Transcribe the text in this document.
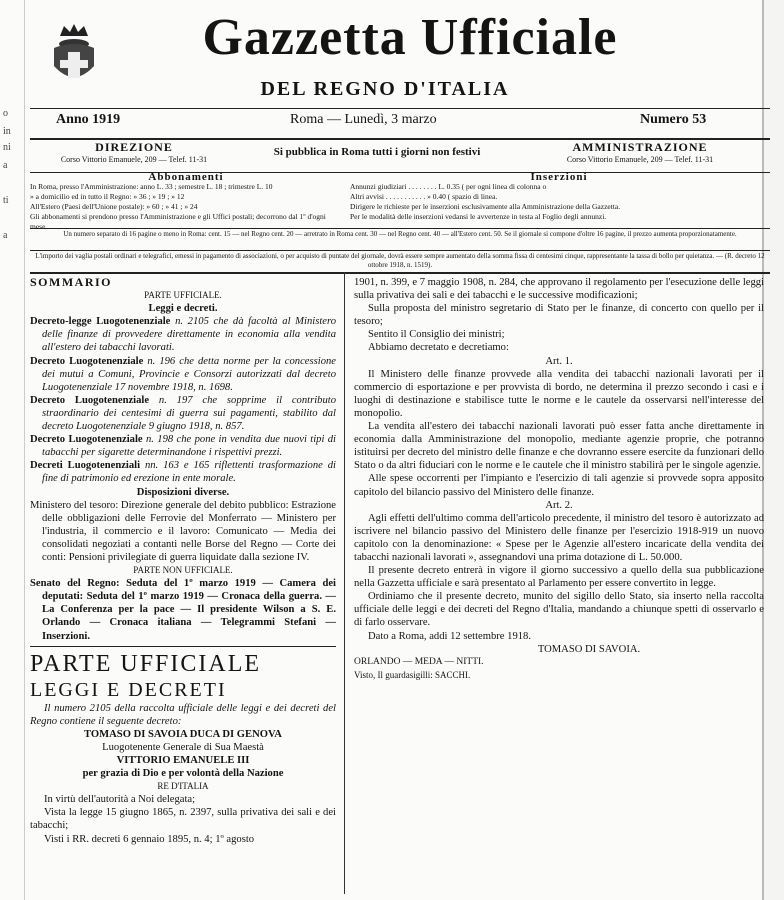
o
in
ni
a
ti
a
Gazzetta Ufficiale
DEL REGNO D'ITALIA
Anno 1919	Roma — Lunedì, 3 marzo	Numero 53
DIREZIONE
Corso Vittorio Emanuele, 209 — Telef. 11-31
Si pubblica in Roma tutti i giorni non festivi	AMMINISTRAZIONE
Corso Vittorio Emanuele, 209 — Telef. 11-31
Abbonamenti
In Roma, presso l'Amministrazione: anno L. 33 ; semestre L. 18 ; trimestre L. 10
» a domicilio ed in tutto il Regno: » 36 ; » 19 ; » 12
All'Estero (Paesi dell'Unione postale): » 60 ; » 41 ; » 24
Gli abbonamenti si prendono presso l'Amministrazione e gli Uffici postali; decorrono dal 1º d'ogni mese.
Inserzioni
Annunzi giudiziari . . . . . . . . L. 0.35 ( per ogni linea di colonna o
Altri avvisi . . . . . . . . . . . » 0.40 ( spazio di linea.
Dirigere le richieste per le inserzioni esclusivamente alla Amministrazione della Gazzetta.
Per le modalità delle inserzioni vedansi le avvertenze in testa al Foglio degli annunzi.
Un numero separato di 16 pagine o meno in Roma: cent. 15 — nel Regno cent. 20 — arretrato in Roma cent. 30 — nel Regno cent. 40 — all'Estero cent. 50. Se il giornale si compone d'oltre 16 pagine, il prezzo aumenta proporzionatamente.
L'importo dei vaglia postali ordinari e telegrafici, emessi in pagamento di associazioni, o per acquisto di puntate del giornale, dovrà essere sempre aumentato della somma fissa di centesimi cinque, rappresentante la tassa di bollo per quietanza. — (R. decreto 12 ottobre 1918, n. 1519).

SOMMARIO

PARTE UFFICIALE.

Leggi e decreti.

Decreto-legge Luogotenenziale n. 2105 che dà facoltà al Ministero delle finanze di provvedere direttamente in economia alla vendita all'estero dei tabacchi lavorati.

Decreto Luogotenenziale n. 196 che detta norme per la concessione dei mutui a Comuni, Provincie e Consorzi autorizzati dal decreto Luogotenenziale 17 novembre 1918, n. 1698.

Decreto Luogotenenziale n. 197 che sopprime il contributo straordinario dei centesimi di guerra sui pagamenti, stabilito dal decreto Luogotenenziale 9 giugno 1918, n. 857.

Decreto Luogotenenziale n. 198 che pone in vendita due nuovi tipi di tabacchi per sigarette determinandone i rispettivi prezzi.

Decreti Luogotenenziali nn. 163 e 165 riflettenti trasformazione di fine di patrimonio ed erezione in ente morale.

Disposizioni diverse.

Ministero del tesoro: Direzione generale del debito pubblico: Estrazione delle obbligazioni delle Ferrovie del Monferrato — Ministero per l'industria, il commercio e il lavoro: Comunicato — Media dei consolidati negoziati a contanti nelle Borse del Regno — Corte dei conti: Pensioni privilegiate di guerra liquidate dalla sezione IV.

PARTE NON UFFICIALE.

Senato del Regno: Seduta del 1º marzo 1919 — Camera dei deputati: Seduta del 1º marzo 1919 — Cronaca della guerra. — La Conferenza per la pace — Il presidente Wilson a S. E. Orlando — Cronaca italiana — Telegrammi Stefani — Inserzioni.

PARTE UFFICIALE

LEGGI E DECRETI

Il numero 2105 della raccolta ufficiale delle leggi e dei decreti del Regno contiene il seguente decreto:

TOMASO DI SAVOIA DUCA DI GENOVA

Luogotenente Generale di Sua Maestà

VITTORIO EMANUELE III

per grazia di Dio e per volontà della Nazione

RE D'ITALIA

In virtù dell'autorità a Noi delegata;

Vista la legge 15 giugno 1865, n. 2397, sulla privativa dei sali e dei tabacchi;

Visti i RR. decreti 6 gennaio 1895, n. 4; 1º agosto

1901, n. 399, e 7 maggio 1908, n. 284, che approvano il regolamento per l'esecuzione delle leggi sulla privativa dei sali e dei tabacchi e le successive modificazioni;

Sulla proposta del ministro segretario di Stato per le finanze, di concerto con quello per il tesoro;

Sentito il Consiglio dei ministri;

Abbiamo decretato e decretiamo:

Art. 1.

Il Ministero delle finanze provvede alla vendita dei tabacchi nazionali lavorati per il commercio di esportazione e per provvista di bordo, ne determina il prezzo secondo i casi e i luoghi di destinazione e stabilisce tutte le norme e le cautele da osservarsi nell'interesse del monopolio.

La vendita all'estero dei tabacchi nazionali lavorati può esser fatta anche direttamente in economia dalla Amministrazione del monopolio, mediante agenzie proprie, che potranno istituirsi per decreto del ministro delle finanze e che dovranno essere esercite da funzionari dello Stato o da altri fiduciari con le norme e le cautele che il ministro stabilirà per le singole agenzie.

Alle spese occorrenti per l'impianto e l'esercizio di tali agenzie si provvede sopra apposito capitolo del bilancio passivo del Ministero delle finanze.

Art. 2.

Agli effetti dell'ultimo comma dell'articolo precedente, il ministro del tesoro è autorizzato ad iscrivere nel bilancio passivo del Ministero delle finanze per l'esercizio 1918-919 un nuovo capitolo con la denominazione: « Spese per le Agenzie all'estero incaricate della vendita dei tabacchi nazionali lavorati », assegnandovi una prima dotazione di L. 50.000.

Il presente decreto entrerà in vigore il giorno successivo a quello della sua pubblicazione nella Gazzetta ufficiale e sarà presentato al Parlamento per essere convertito in legge.

Ordiniamo che il presente decreto, munito del sigillo dello Stato, sia inserto nella raccolta ufficiale delle leggi e dei decreti del Regno d'Italia, mandando a chiunque spetti di osservarlo e di farlo osservare.

Dato a Roma, addì 12 settembre 1918.

TOMASO DI SAVOIA.

ORLANDO — MEDA — NITTI.

Visto, Il guardasigilli: SACCHI.
